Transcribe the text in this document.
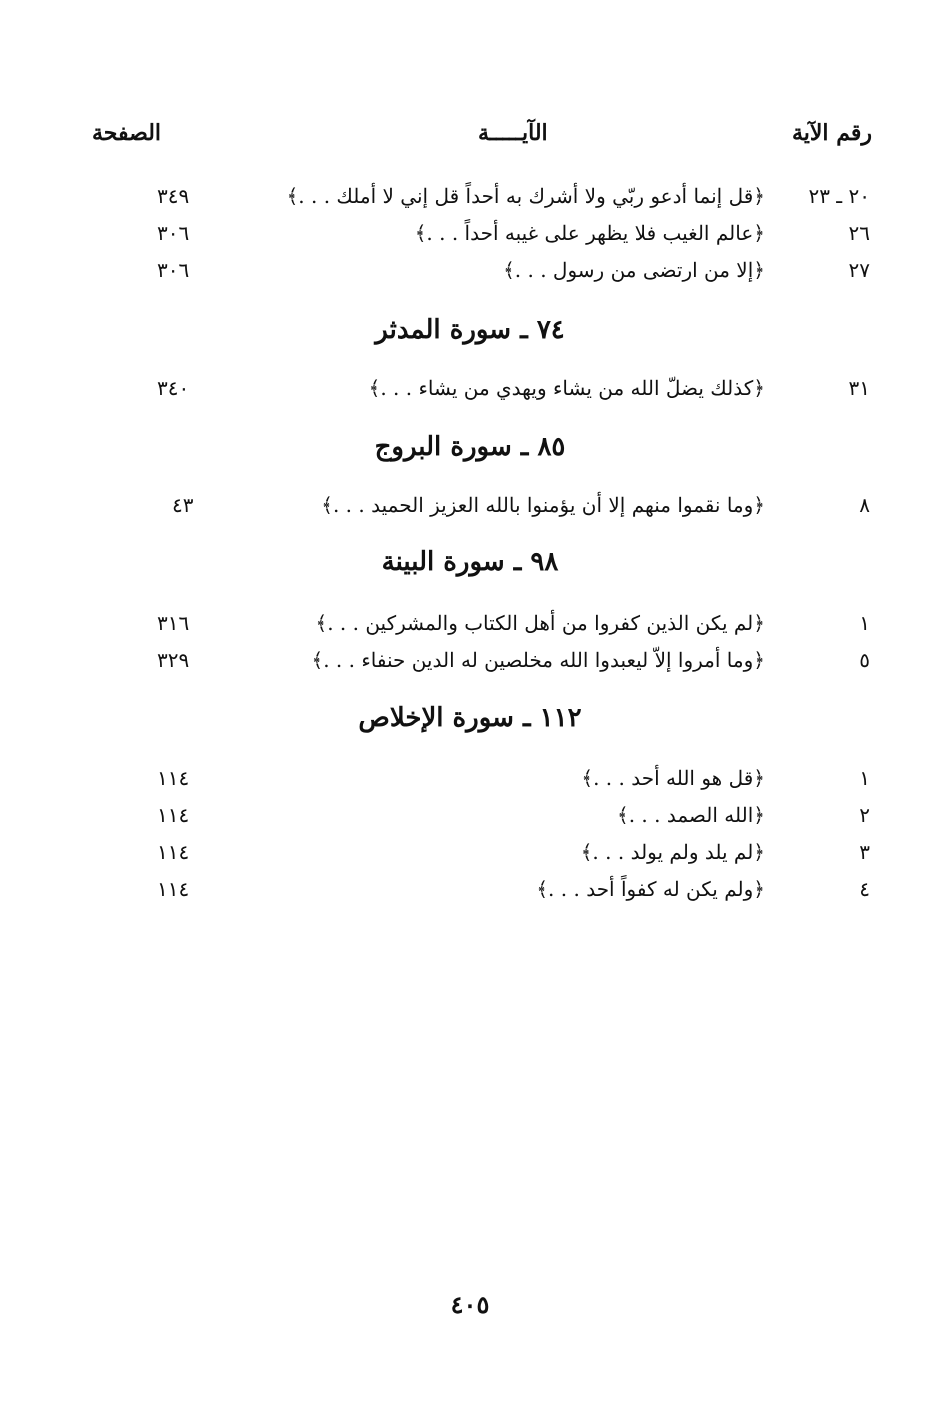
رقم الآية
الآيـــــة
الصفحة
٢٠ ـ ٢٣
﴿قل إنما أدعو ربّي ولا أشرك به أحداً قل إني لا أملك . . .﴾
٣٤٩
٢٦
﴿عالم الغيب فلا يظهر على غيبه أحداً . . .﴾
٣٠٦
٢٧
﴿إلا من ارتضى من رسول . . .﴾
٣٠٦
٧٤ ـ سورة المدثر
٣١
﴿كذلك يضلّ الله من يشاء ويهدي من يشاء . . .﴾
٣٤٠
٨٥ ـ سورة البروج
٨
﴿وما نقموا منهم إلا أن يؤمنوا بالله العزيز الحميد . . .﴾
٤٣
٩٨ ـ سورة البينة
١
﴿لم يكن الذين كفروا من أهل الكتاب والمشركين . . .﴾
٣١٦
٥
﴿وما أمروا إلاّ ليعبدوا الله مخلصين له الدين حنفاء . . .﴾
٣٢٩
١١٢ ـ سورة الإخلاص
١
﴿قل هو الله أحد . . .﴾
١١٤
٢
﴿الله الصمد . . .﴾
١١٤
٣
﴿لم يلد ولم يولد . . .﴾
١١٤
٤
﴿ولم يكن له كفواً أحد . . .﴾
١١٤
٤٠٥
